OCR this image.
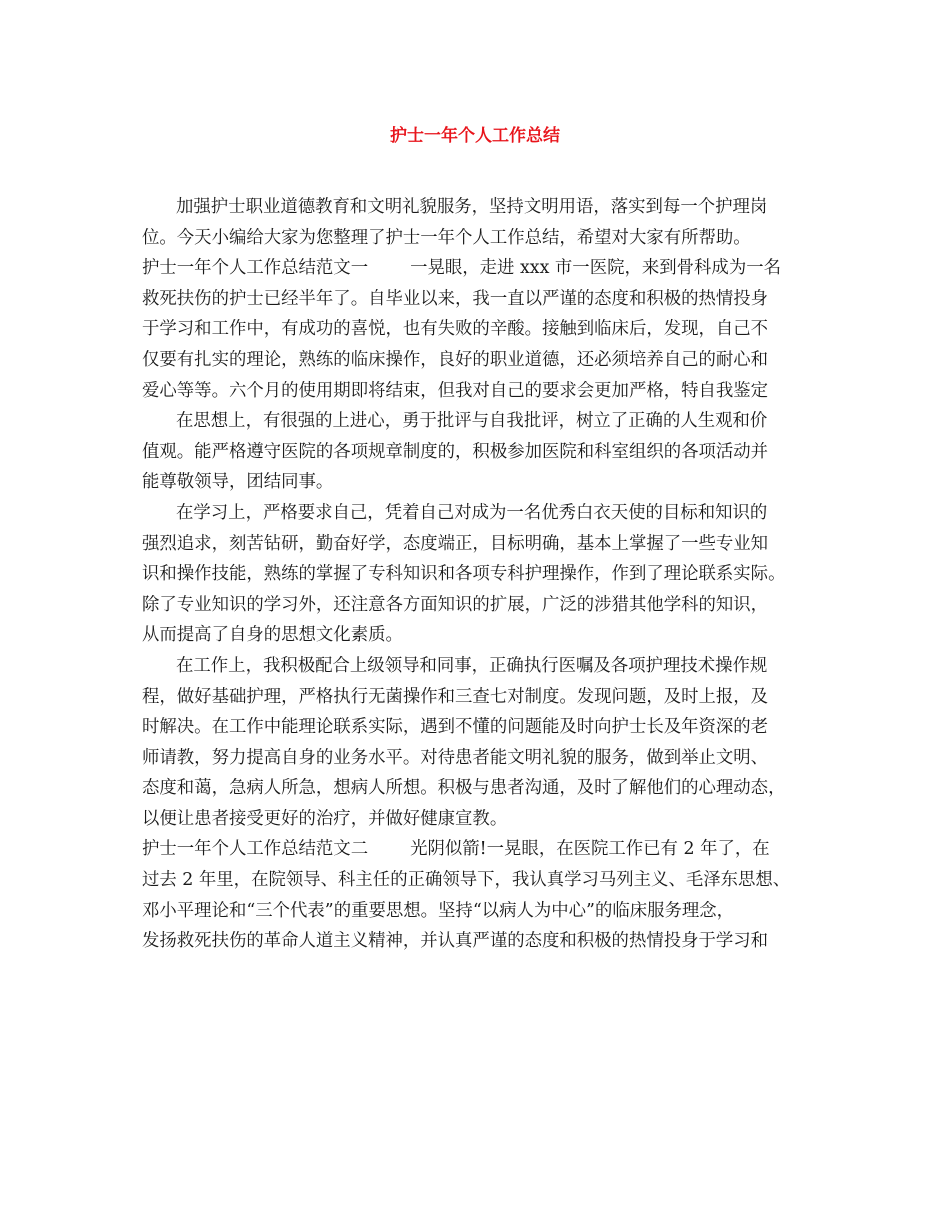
护士一年个人工作总结
加强护士职业道德教育和文明礼貌服务，坚持文明用语，落实到每一个护理岗
位。今天小编给大家为您整理了护士一年个人工作总结，希望对大家有所帮助。
护士一年个人工作总结范文一 一晃眼，走进 xxx 市一医院，来到骨科成为一名
救死扶伤的护士已经半年了。自毕业以来，我一直以严谨的态度和积极的热情投身
于学习和工作中，有成功的喜悦，也有失败的辛酸。接触到临床后，发现，自己不
仅要有扎实的理论，熟练的临床操作，良好的职业道德，还必须培养自己的耐心和
爱心等等。六个月的使用期即将结束，但我对自己的要求会更加严格，特自我鉴定
在思想上，有很强的上进心，勇于批评与自我批评，树立了正确的人生观和价
值观。能严格遵守医院的各项规章制度的，积极参加医院和科室组织的各项活动并
能尊敬领导，团结同事。
在学习上，严格要求自己，凭着自己对成为一名优秀白衣天使的目标和知识的
强烈追求，刻苦钻研，勤奋好学，态度端正，目标明确，基本上掌握了一些专业知
识和操作技能，熟练的掌握了专科知识和各项专科护理操作，作到了理论联系实际。
除了专业知识的学习外，还注意各方面知识的扩展，广泛的涉猎其他学科的知识，
从而提高了自身的思想文化素质。
在工作上，我积极配合上级领导和同事，正确执行医嘱及各项护理技术操作规
程，做好基础护理，严格执行无菌操作和三查七对制度。发现问题，及时上报，及
时解决。在工作中能理论联系实际，遇到不懂的问题能及时向护士长及年资深的老
师请教，努力提高自身的业务水平。对待患者能文明礼貌的服务，做到举止文明、
态度和蔼，急病人所急，想病人所想。积极与患者沟通，及时了解他们的心理动态，
以便让患者接受更好的治疗，并做好健康宣教。
护士一年个人工作总结范文二 光阴似箭!一晃眼，在医院工作已有 2 年了，在
过去 2 年里，在院领导、科主任的正确领导下，我认真学习马列主义、毛泽东思想、
邓小平理论和“三个代表”的重要思想。坚持“以病人为中心”的临床服务理念，
发扬救死扶伤的革命人道主义精神，并认真严谨的态度和积极的热情投身于学习和
